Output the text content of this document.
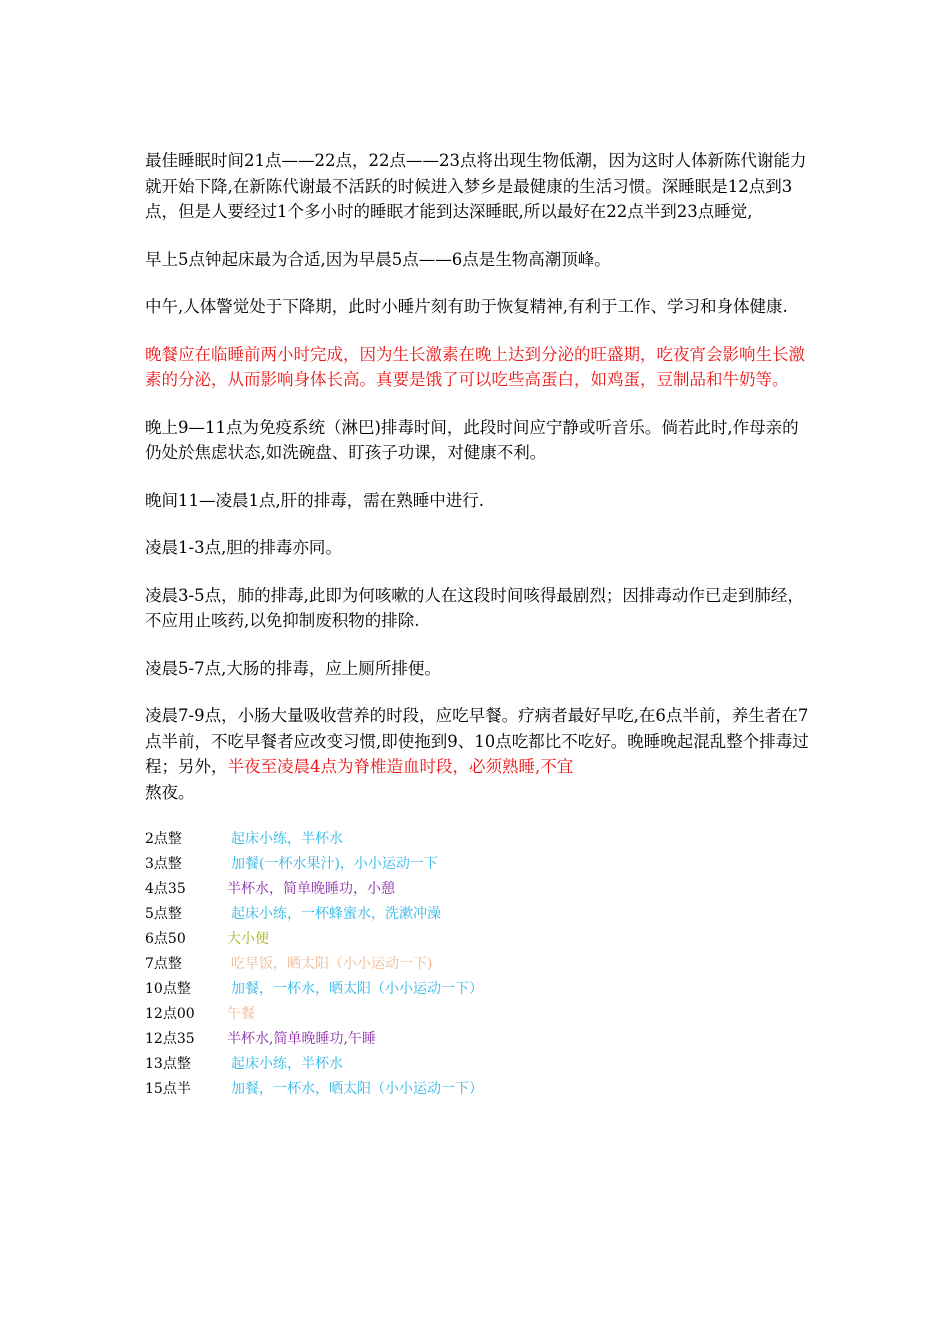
最佳睡眠时间21点——22点，22点——23点将出现生物低潮，因为这时人体新陈代谢能力就开始下降,在新陈代谢最不活跃的时候进入梦乡是最健康的生活习惯。深睡眠是12点到3点，但是人要经过1个多小时的睡眠才能到达深睡眠,所以最好在22点半到23点睡觉,

早上5点钟起床最为合适,因为早晨5点——6点是生物高潮顶峰。

中午,人体警觉处于下降期，此时小睡片刻有助于恢复精神,有利于工作、学习和身体健康.

晚餐应在临睡前两小时完成，因为生长激素在晚上达到分泌的旺盛期，吃夜宵会影响生长激素的分泌，从而影响身体长高。真要是饿了可以吃些高蛋白，如鸡蛋，豆制品和牛奶等。

晚上9—11点为免疫系统（淋巴)排毒时间，此段时间应宁静或听音乐。倘若此时,作母亲的仍处於焦虑状态,如洗碗盘、盯孩子功课，对健康不利。

晚间11—凌晨1点,肝的排毒，需在熟睡中进行.

凌晨1-3点,胆的排毒亦同。

凌晨3-5点，肺的排毒,此即为何咳嗽的人在这段时间咳得最剧烈；因排毒动作已走到肺经，不应用止咳药,以免抑制废积物的排除.

凌晨5-7点,大肠的排毒，应上厕所排便。

凌晨7-9点，小肠大量吸收营养的时段，应吃早餐。疗病者最好早吃,在6点半前，养生者在7点半前，不吃早餐者应改变习惯,即使拖到9、10点吃都比不吃好。晚睡晚起混乱整个排毒过程；另外，半夜至凌晨4点为脊椎造血时段，必须熟睡,不宜
熬夜。

2点整	起床小练，半杯水
3点整	加餐(一杯水果汁)，小小运动一下
4点35	半杯水，简单晚睡功，小憩
5点整	起床小练，一杯蜂蜜水，洗漱冲澡
6点50	大小便
7点整	吃早饭，晒太阳（小小运动一下)
10点整	加餐，一杯水，晒太阳（小小运动一下）
12点00	午餐
12点35	半杯水,简单晚睡功,午睡
13点整	起床小练，半杯水
15点半	加餐，一杯水，晒太阳（小小运动一下）
